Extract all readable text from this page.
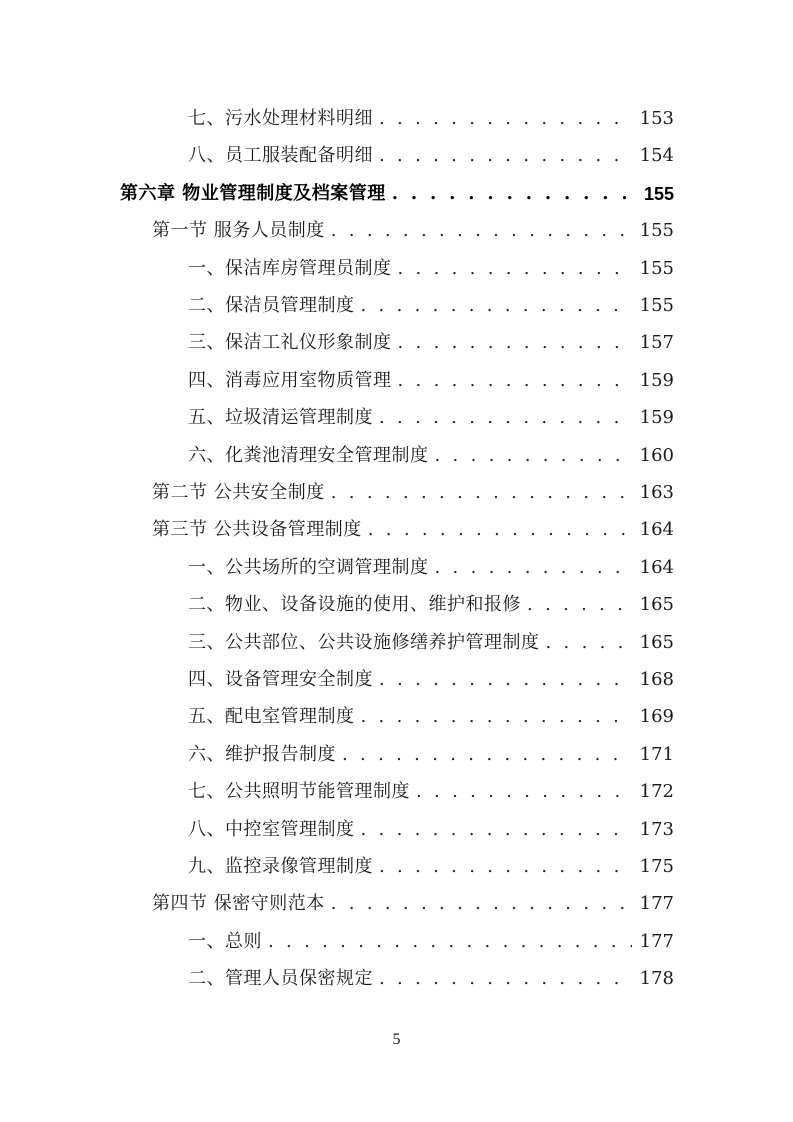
七、污水处理材料明细 . . .	153
八、员工服装配备明细 . . .	154
第六章 物业管理制度及档案管理 . . .	155
第一节 服务人员制度 . . .	155
一、保洁库房管理员制度 . . .	155
二、保洁员管理制度 . . .	155
三、保洁工礼仪形象制度 . . .	157
四、消毒应用室物质管理 . . .	159
五、垃圾清运管理制度 . . .	159
六、化粪池清理安全管理制度 . . .	160
第二节 公共安全制度 . . .	163
第三节 公共设备管理制度 . . .	164
一、公共场所的空调管理制度 . . .	164
二、物业、设备设施的使用、维护和报修 . . .	165
三、公共部位、公共设施修缮养护管理制度 . . .	165
四、设备管理安全制度 . . .	168
五、配电室管理制度 . . .	169
六、维护报告制度 . . .	171
七、公共照明节能管理制度 . . .	172
八、中控室管理制度 . . .	173
九、监控录像管理制度 . . .	175
第四节 保密守则范本 . . .	177
一、总则 . . .	177
二、管理人员保密规定 . . .	178
5
